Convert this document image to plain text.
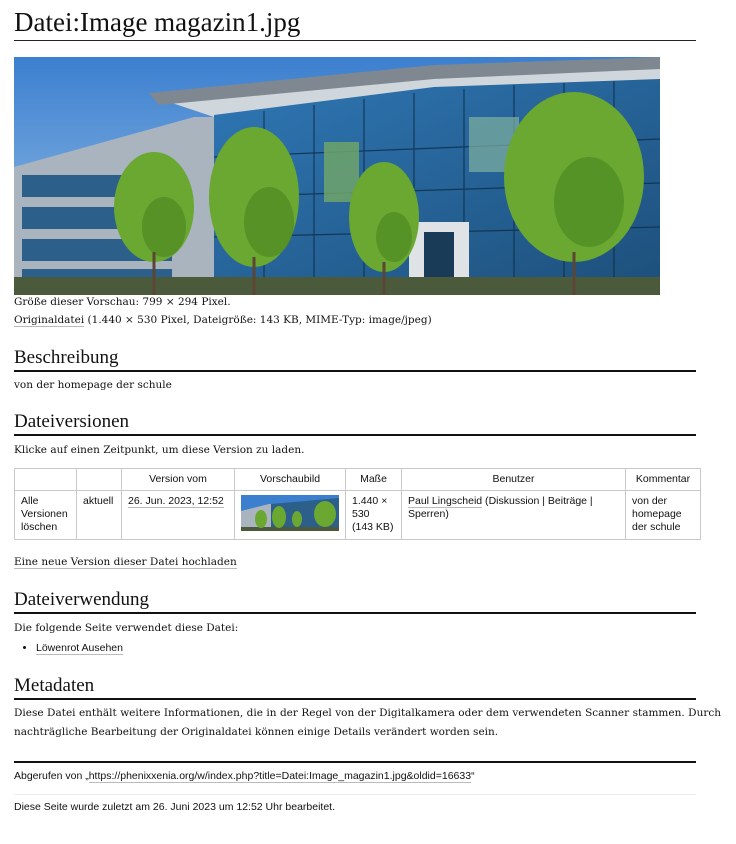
Datei:Image magazin1.jpg
Größe dieser Vorschau: 799 × 294 Pixel.
Originaldatei (1.440 × 530 Pixel, Dateigröße: 143 KB, MIME-Typ: image/jpeg)
Beschreibung

von der homepage der schule

Dateiversionen

Klicke auf einen Zeitpunkt, um diese Version zu laden.

		Version vom	Vorschaubild	Maße	Benutzer	Kommentar
Alle Versionen löschen	aktuell	26. Jun. 2023, 12:52		1.440 × 530
(143 KB)	Paul Lingscheid (Diskussion | Beiträge | Sperren)	von der homepage der schule

Eine neue Version dieser Datei hochladen

Dateiverwendung

Die folgende Seite verwendet diese Datei:

• Löwenrot Ausehen
Metadaten

Diese Datei enthält weitere Informationen, die in der Regel von der Digitalkamera oder dem verwendeten Scanner stammen. Durch nachträgliche Bearbeitung der Originaldatei können einige Details verändert worden sein.

Abgerufen von „https://phenixxenia.org/w/index.php?title=Datei:Image_magazin1.jpg&oldid=16633“
Diese Seite wurde zuletzt am 26. Juni 2023 um 12:52 Uhr bearbeitet.
